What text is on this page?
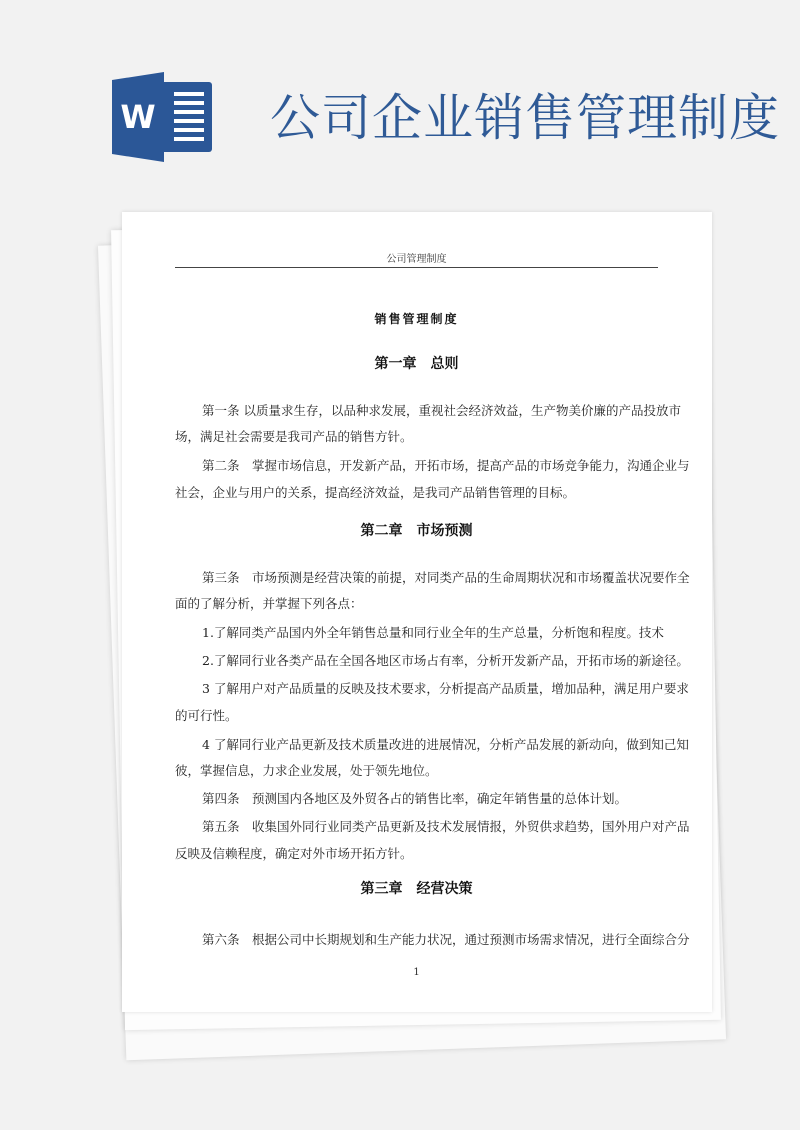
W 公司企业销售管理制度
公司管理制度
销售管理制度
第一章　总则
第一条 以质量求生存，以品种求发展，重视社会经济效益，生产物美价廉的产品投放市
场，满足社会需要是我司产品的销售方针。
第二条　掌握市场信息，开发新产品，开拓市场，提高产品的市场竞争能力，沟通企业与
社会，企业与用户的关系，提高经济效益，是我司产品销售管理的目标。
第二章　市场预测
第三条　市场预测是经营决策的前提，对同类产品的生命周期状况和市场覆盖状况要作全
面的了解分析，并掌握下列各点：
1.了解同类产品国内外全年销售总量和同行业全年的生产总量，分析饱和程度。技术
2.了解同行业各类产品在全国各地区市场占有率，分析开发新产品，开拓市场的新途径。
3 了解用户对产品质量的反映及技术要求，分析提高产品质量，增加品种，满足用户要求
的可行性。
4 了解同行业产品更新及技术质量改进的进展情况，分析产品发展的新动向，做到知己知
彼，掌握信息，力求企业发展，处于领先地位。
第四条　预测国内各地区及外贸各占的销售比率，确定年销售量的总体计划。
第五条　收集国外同行业同类产品更新及技术发展情报，外贸供求趋势，国外用户对产品
反映及信赖程度，确定对外市场开拓方针。
第三章　经营决策
第六条　根据公司中长期规划和生产能力状况，通过预测市场需求情况，进行全面综合分
1
